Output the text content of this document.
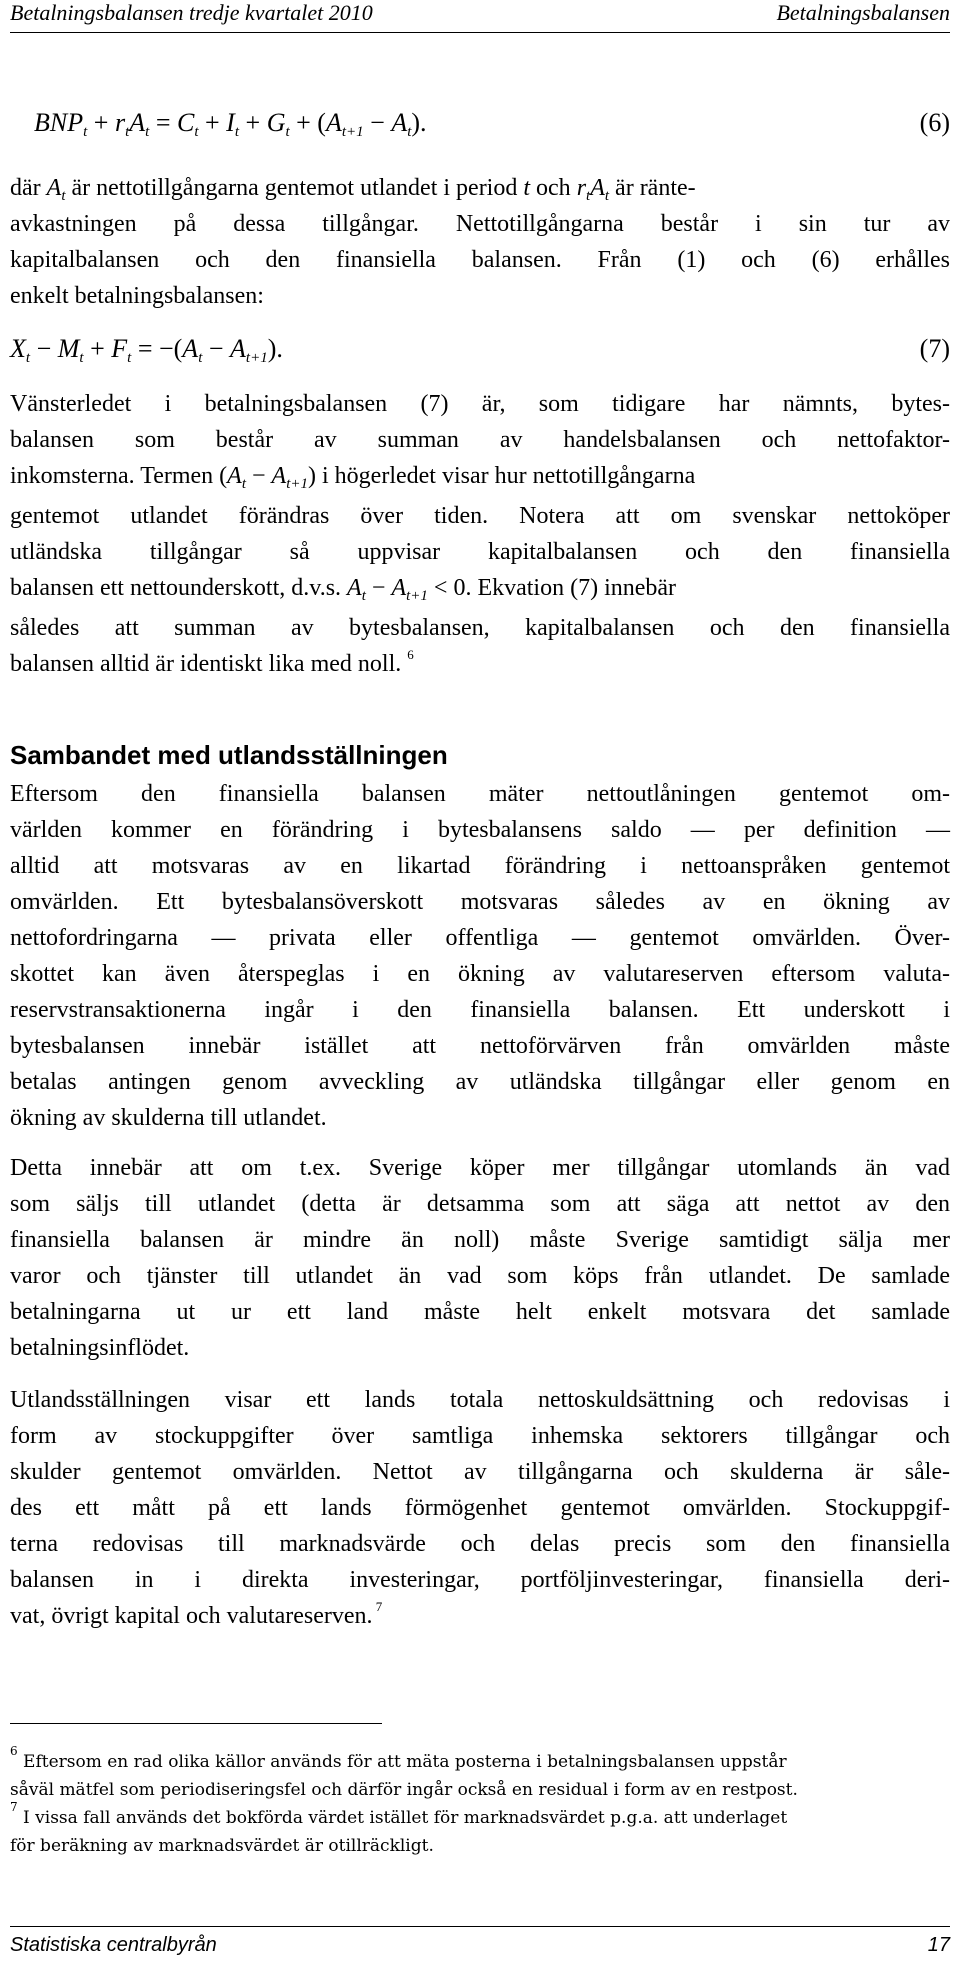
Betalningsbalansen tredje kvartalet 2010	Betalningsbalansen
$BNP_t + r_tA_t = C_t + I_t + G_t + (A_{t+1} - A_t)$.	(6)
där $A_t$ är nettotillgångarna gentemot utlandet i period t och $r_tA_t$ är ränte-
avkastningen på dessa tillgångar. Nettotillgångarna består i sin tur av
kapitalbalansen och den finansiella balansen. Från (1) och (6) erhålles
enkelt betalningsbalansen:
$X_t - M_t + F_t = -(A_t - A_{t+1})$.	(7)
Vänsterledet i betalningsbalansen (7) är, som tidigare har nämnts, bytes-
balansen som består av summan av handelsbalansen och nettofaktor-
inkomsterna. Termen $(A_t - A_{t+1})$ i högerledet visar hur nettotillgångarna
gentemot utlandet förändras över tiden. Notera att om svenskar nettoköper
utländska tillgångar så uppvisar kapitalbalansen och den finansiella
balansen ett nettounderskott, d.v.s. $A_t - A_{t+1} < 0$. Ekvation (7) innebär
således att summan av bytesbalansen, kapitalbalansen och den finansiella
balansen alltid är identiskt lika med noll. $^6$
Sambandet med utlandsställningen
Eftersom den finansiella balansen mäter nettoutlåningen gentemot om-
världen kommer en förändring i bytesbalansens saldo — per definition —
alltid att motsvaras av en likartad förändring i nettoanspråken gentemot
omvärlden. Ett bytesbalansöverskott motsvaras således av en ökning av
nettofordringarna — privata eller offentliga — gentemot omvärlden. Över-
skottet kan även återspeglas i en ökning av valutareserven eftersom valuta-
reservstransaktionerna ingår i den finansiella balansen. Ett underskott i
bytesbalansen innebär istället att nettoförvärven från omvärlden måste
betalas antingen genom avveckling av utländska tillgångar eller genom en
ökning av skulderna till utlandet.
Detta innebär att om t.ex. Sverige köper mer tillgångar utomlands än vad
som säljs till utlandet (detta är detsamma som att säga att nettot av den
finansiella balansen är mindre än noll) måste Sverige samtidigt sälja mer
varor och tjänster till utlandet än vad som köps från utlandet. De samlade
betalningarna ut ur ett land måste helt enkelt motsvara det samlade
betalningsinflödet.
Utlandsställningen visar ett lands totala nettoskuldsättning och redovisas i
form av stockuppgifter över samtliga inhemska sektorers tillgångar och
skulder gentemot omvärlden. Nettot av tillgångarna och skulderna är såle-
des ett mått på ett lands förmögenhet gentemot omvärlden. Stockuppgif-
terna redovisas till marknadsvärde och delas precis som den finansiella
balansen in i direkta investeringar, portföljinvesteringar, finansiella deri-
vat, övrigt kapital och valutareserven. $^7$
$^6$ Eftersom en rad olika källor används för att mäta posterna i betalningsbalansen uppstår
såväl mätfel som periodiseringsfel och därför ingår också en residual i form av en restpost.
$^7$ I vissa fall används det bokförda värdet istället för marknadsvärdet p.g.a. att underlaget
för beräkning av marknadsvärdet är otillräckligt.
Statistiska centralbyrån	17
